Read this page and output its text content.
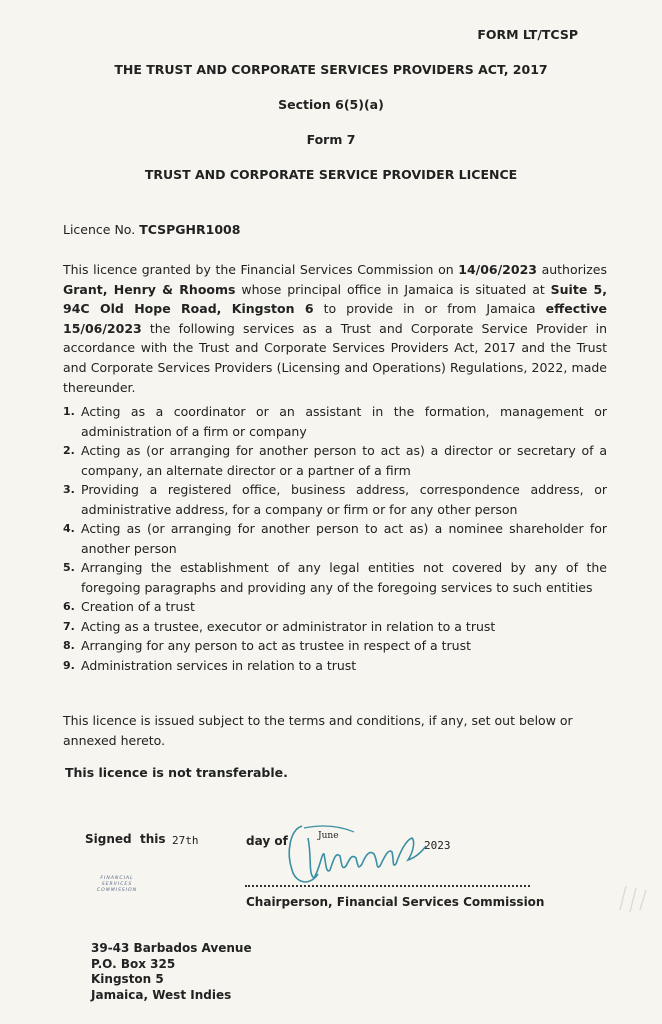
FORM LT/TCSP
THE TRUST AND CORPORATE SERVICES PROVIDERS ACT, 2017
Section 6(5)(a)
Form 7
TRUST AND CORPORATE SERVICE PROVIDER LICENCE
Licence No. TCSPGHR1008
This licence granted by the Financial Services Commission on 14/06/2023 authorizes Grant, Henry & Rhooms whose principal office in Jamaica is situated at Suite 5, 94C Old Hope Road, Kingston 6 to provide in or from Jamaica effective 15/06/2023 the following services as a Trust and Corporate Service Provider in accordance with the Trust and Corporate Services Providers Act, 2017 and the Trust and Corporate Services Providers (Licensing and Operations) Regulations, 2022, made thereunder.
1. Acting as a coordinator or an assistant in the formation, management or administration of a firm or company
2. Acting as (or arranging for another person to act as) a director or secretary of a company, an alternate director or a partner of a firm
3. Providing a registered office, business address, correspondence address, or administrative address, for a company or firm or for any other person
4. Acting as (or arranging for another person to act as) a nominee shareholder for another person
5. Arranging the establishment of any legal entities not covered by any of the foregoing paragraphs and providing any of the foregoing services to such entities
6. Creation of a trust
7. Acting as a trustee, executor or administrator in relation to a trust
8. Arranging for any person to act as trustee in respect of a trust
9. Administration services in relation to a trust
This licence is issued subject to the terms and conditions, if any, set out below or annexed hereto.
This licence is not transferable.
Signed  this 27th	day of	June
2023
Chairperson, Financial Services Commission
FINANCIAL
SERVICES
COMMISSION
39-43 Barbados Avenue
P.O. Box 325
Kingston 5
Jamaica, West Indies
